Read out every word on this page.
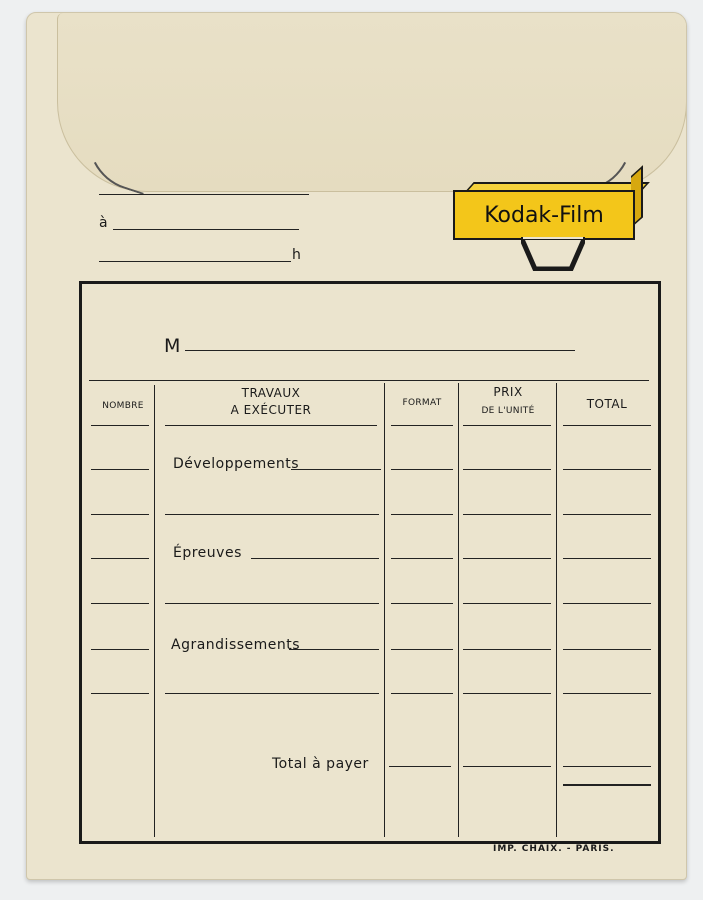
à
h
Kodak-Film
M
NOMBRE
TRAVAUX
A EXÉCUTER	FORMAT
PRIX
DE L'UNITÉ	TOTAL
Développements
Épreuves
Agrandissements
Total à payer
IMP. CHAIX. - PARIS.
